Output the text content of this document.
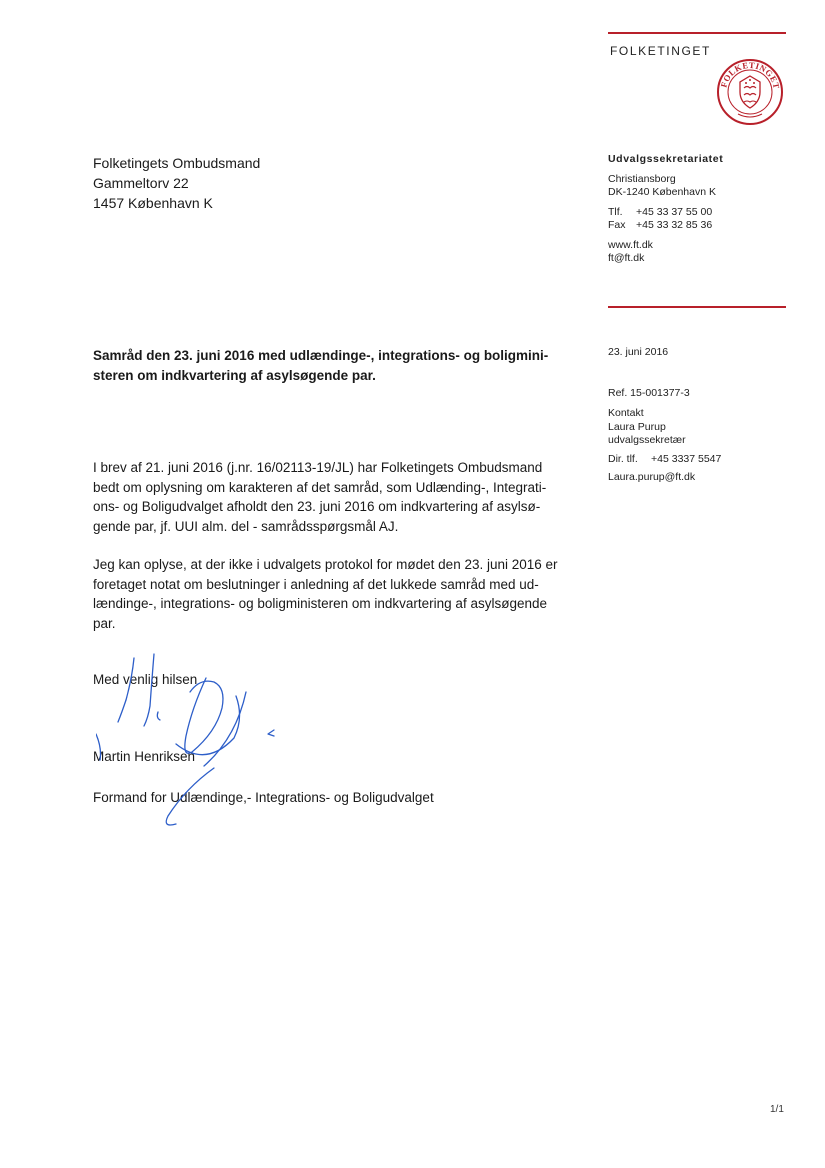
FOLKETINGET
FOLKETINGET
Folketingets Ombudsmand
Gammeltorv 22
1457 København K
Udvalgssekretariatet
Christiansborg
DK-1240 København K
Tlf. +45 33 37 55 00
Fax +45 33 32 85 36
www.ft.dk
ft@ft.dk
23. juni 2016
Ref. 15-001377-3
Kontakt
Laura Purup
udvalgssekretær
Dir. tlf. +45 3337 5547
Laura.purup@ft.dk
Samråd den 23. juni 2016 med udlændinge-, integrations- og boligmini-
steren om indkvartering af asylsøgende par.
I brev af 21. juni 2016 (j.nr. 16/02113-19/JL) har Folketingets Ombudsmand
bedt om oplysning om karakteren af det samråd, som Udlænding-, Integrati-
ons- og Boligudvalget afholdt den 23. juni 2016 om indkvartering af asylsø-
gende par, jf. UUI alm. del - samrådsspørgsmål AJ.
Jeg kan oplyse, at der ikke i udvalgets protokol for mødet den 23. juni 2016 er
foretaget notat om beslutninger i anledning af det lukkede samråd med ud-
lændinge-, integrations- og boligministeren om indkvartering af asylsøgende
par.
Med venlig hilsen
Martin Henriksen
Formand for Udlændinge,- Integrations- og Boligudvalget
1/1
